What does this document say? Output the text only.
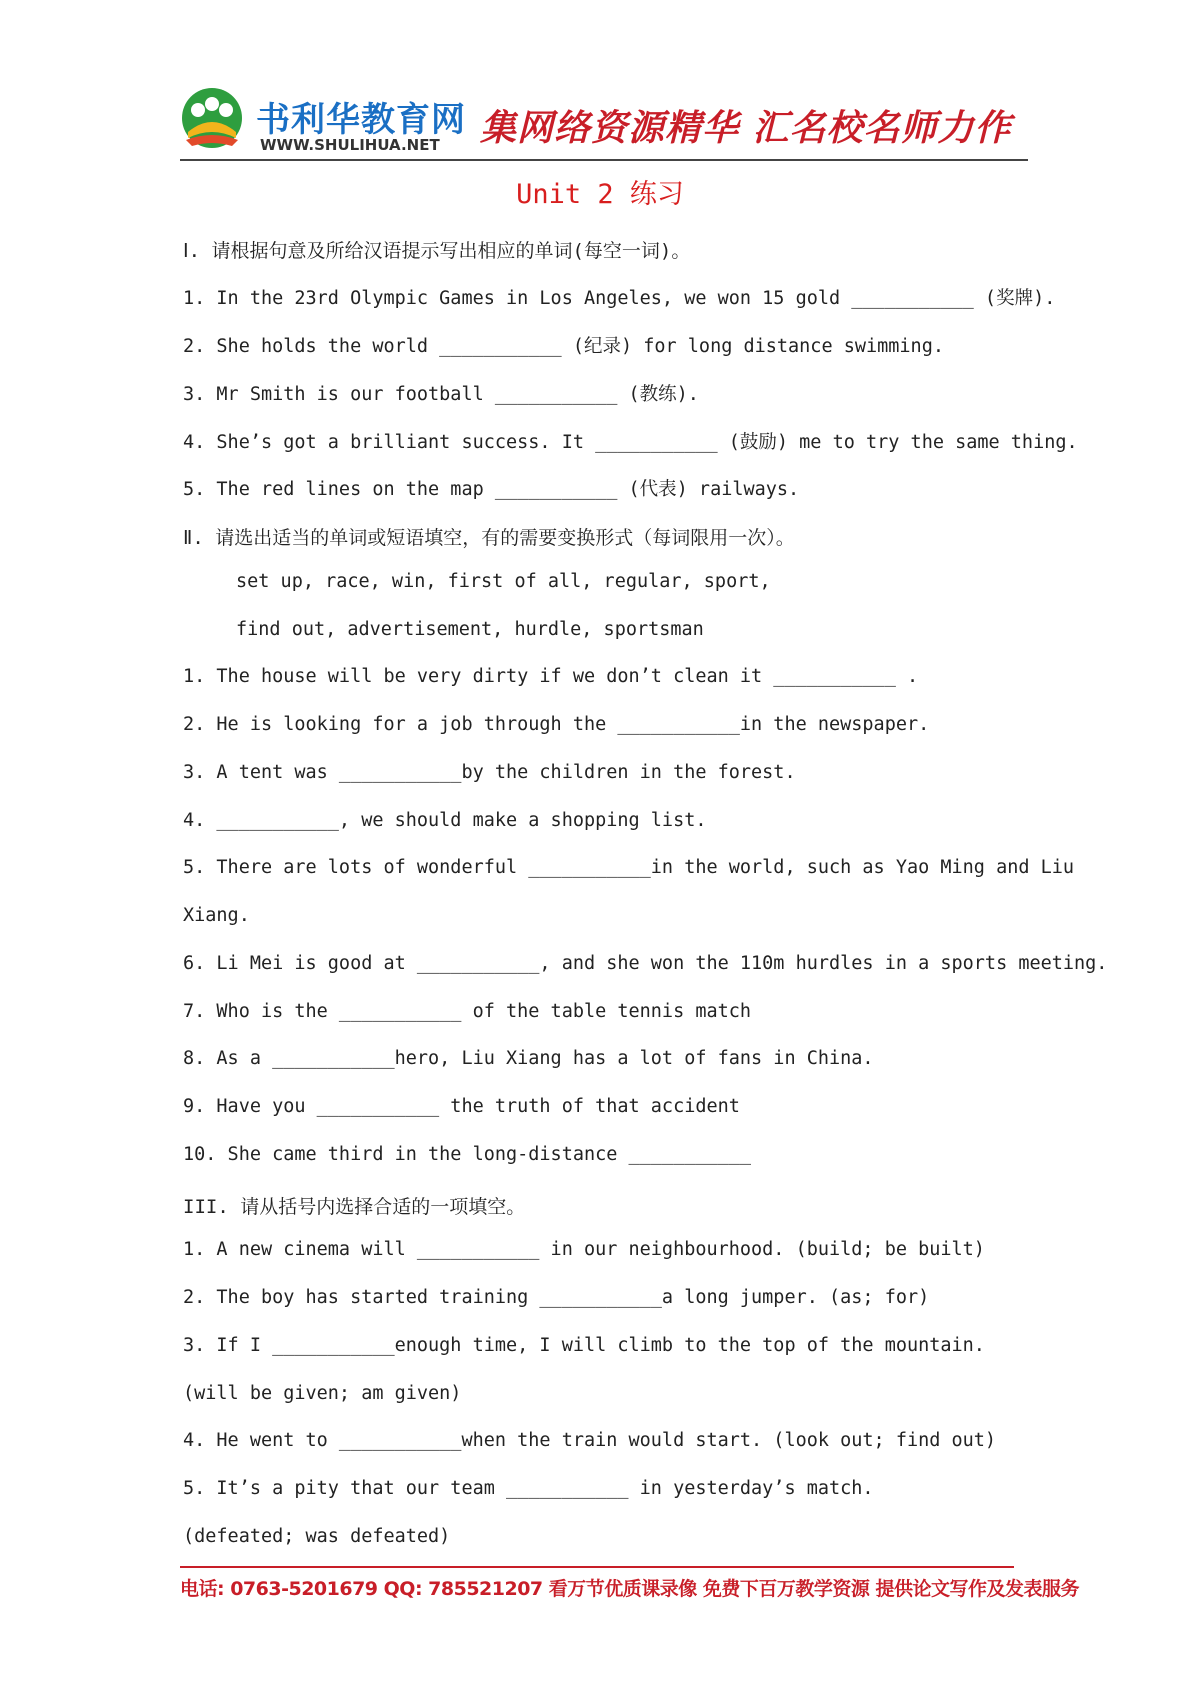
书利华教育网
WWW.SHULIHUA.NET 集网络资源精华 汇名校名师力作
Unit 2 练习
Ⅰ. 请根据句意及所给汉语提示写出相应的单词(每空一词)。
1. In the 23rd Olympic Games in Los Angeles, we won 15 gold ___________ (奖牌).
2. She holds the world ___________ (纪录) for long distance swimming.
3. Mr Smith is our football ___________ (教练).
4. She’s got a brilliant success. It ___________ (鼓励) me to try the same thing.
5. The red lines on the map ___________ (代表) railways.
Ⅱ. 请选出适当的单词或短语填空，有的需要变换形式（每词限用一次）。
set up, race, win, first of all, regular, sport,
find out, advertisement, hurdle, sportsman
1. The house will be very dirty if we don’t clean it ___________ .
2. He is looking for a job through the ___________in the newspaper.
3. A tent was ___________by the children in the forest.
4. ___________, we should make a shopping list.
5. There are lots of wonderful ___________in the world, such as Yao Ming and Liu
Xiang.
6. Li Mei is good at ___________, and she won the 110m hurdles in a sports meeting.
7. Who is the ___________ of the table tennis match
8. As a ___________hero, Liu Xiang has a lot of fans in China.
9. Have you ___________ the truth of that accident
10. She came third in the long-distance ___________
III. 请从括号内选择合适的一项填空。
1. A new cinema will ___________ in our neighbourhood. (build; be built)
2. The boy has started training ___________a long jumper. (as; for)
3. If I ___________enough time, I will climb to the top of the mountain.
(will be given; am given)
4. He went to ___________when the train would start. (look out; find out)
5. It’s a pity that our team ___________ in yesterday’s match.
(defeated; was defeated)
电话: 0763-5201679 QQ: 785521207 看万节优质课录像 免费下百万教学资源 提供论文写作及发表服务
